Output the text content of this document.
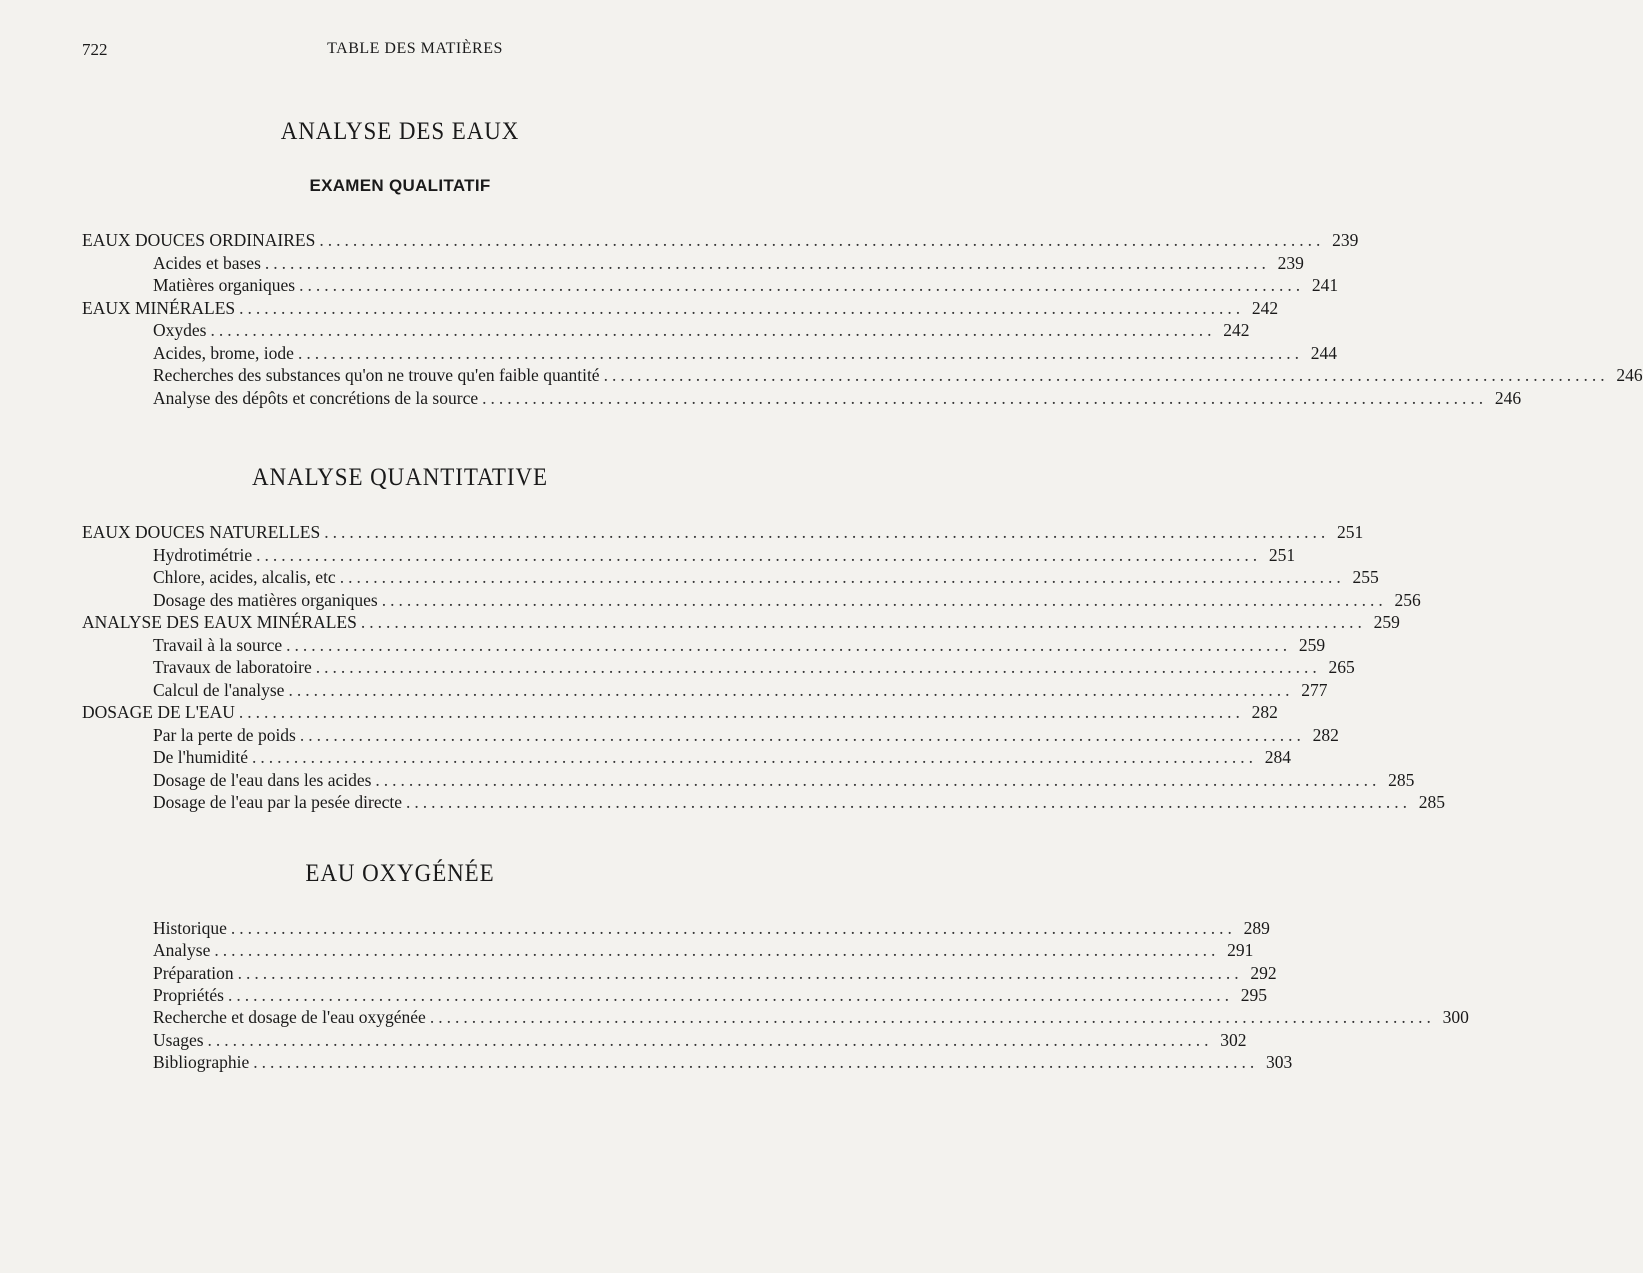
722	TABLE DES MATIÈRES
ANALYSE DES EAUX
EXAMEN QUALITATIF
EAUX DOUCES ORDINAIRES ........................................................................................................................ 239
Acides et bases ........................................................................................................................ 239
Matières organiques ........................................................................................................................ 241
EAUX MINÉRALES ........................................................................................................................ 242
Oxydes ........................................................................................................................ 242
Acides, brome, iode ........................................................................................................................ 244
Recherches des substances qu'on ne trouve qu'en faible quantité ........................................................................................................................ 246
Analyse des dépôts et concrétions de la source ........................................................................................................................ 246
ANALYSE QUANTITATIVE
EAUX DOUCES NATURELLES ........................................................................................................................ 251
Hydrotimétrie ........................................................................................................................ 251
Chlore, acides, alcalis, etc ........................................................................................................................ 255
Dosage des matières organiques ........................................................................................................................ 256
ANALYSE DES EAUX MINÉRALES ........................................................................................................................ 259
Travail à la source ........................................................................................................................ 259
Travaux de laboratoire ........................................................................................................................ 265
Calcul de l'analyse ........................................................................................................................ 277
DOSAGE DE L'EAU ........................................................................................................................ 282
Par la perte de poids ........................................................................................................................ 282
De l'humidité ........................................................................................................................ 284
Dosage de l'eau dans les acides ........................................................................................................................ 285
Dosage de l'eau par la pesée directe ........................................................................................................................ 285
EAU OXYGÉNÉE
Historique ........................................................................................................................ 289
Analyse ........................................................................................................................ 291
Préparation ........................................................................................................................ 292
Propriétés ........................................................................................................................ 295
Recherche et dosage de l'eau oxygénée ........................................................................................................................ 300
Usages ........................................................................................................................ 302
Bibliographie ........................................................................................................................ 303
